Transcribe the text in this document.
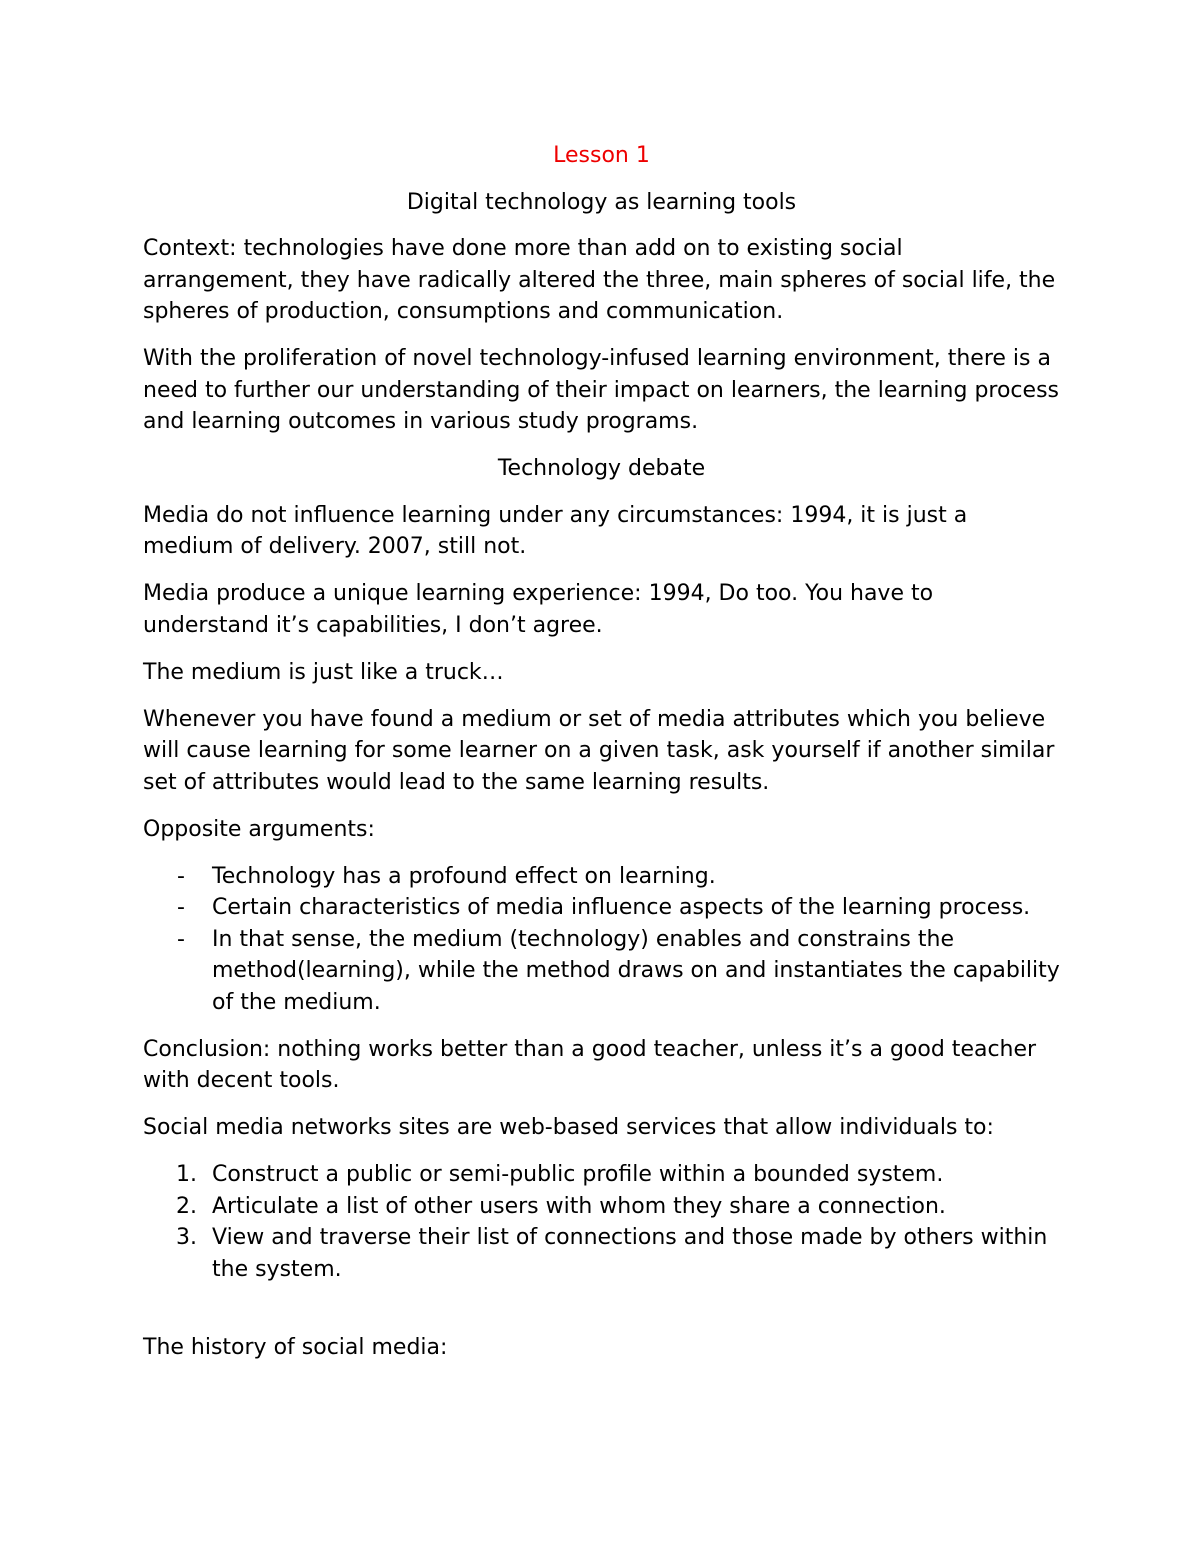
Lesson 1
Digital technology as learning tools

Context: technologies have done more than add on to existing social arrangement, they have radically altered the three, main spheres of social life, the spheres of production, consumptions and communication.

With the proliferation of novel technology-infused learning environment, there is a need to further our understanding of their impact on learners, the learning process and learning outcomes in various study programs.

Technology debate

Media do not influence learning under any circumstances: 1994, it is just a medium of delivery. 2007, still not.

Media produce a unique learning experience: 1994, Do too. You have to understand it’s capabilities, I don’t agree.

The medium is just like a truck…

Whenever you have found a medium or set of media attributes which you believe will cause learning for some learner on a given task, ask yourself if another similar set of attributes would lead to the same learning results.

Opposite arguments:

- Technology has a profound effect on learning.
- Certain characteristics of media influence aspects of the learning process.
- In that sense, the medium (technology) enables and constrains the method(learning), while the method draws on and instantiates the capability of the medium.

Conclusion: nothing works better than a good teacher, unless it’s a good teacher with decent tools.

Social media networks sites are web-based services that allow individuals to:

1. Construct a public or semi-public profile within a bounded system.
2. Articulate a list of other users with whom they share a connection.
3. View and traverse their list of connections and those made by others within the system.

The history of social media:
